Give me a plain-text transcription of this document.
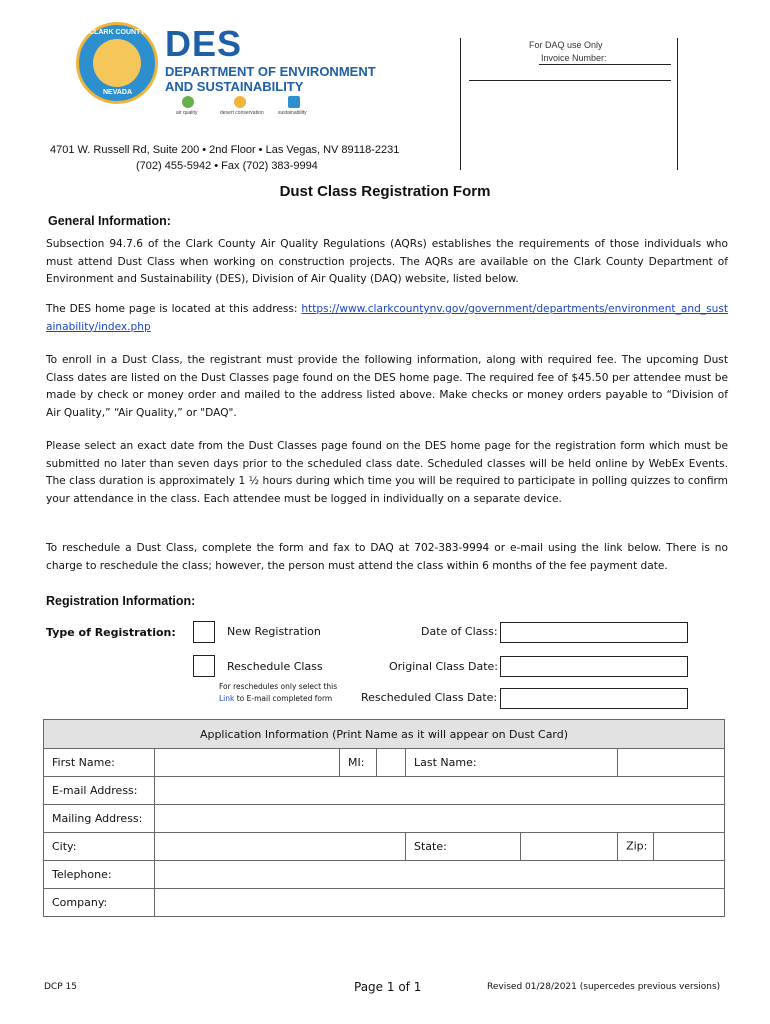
CLARK COUNTY
NEVADA
DES
DEPARTMENT OF ENVIRONMENT
AND SUSTAINABILITY
air quality	desert conservation	sustainability
4701 W. Russell Rd, Suite 200 • 2nd Floor • Las Vegas, NV 89118-2231
(702) 455-5942 • Fax (702) 383-9994
For DAQ use Only
Invoice Number:
Dust Class Registration Form
General Information:
Subsection 94.7.6 of the Clark County Air Quality Regulations (AQRs) establishes the requirements of those individuals who must attend Dust Class when working on construction projects. The AQRs are available on the Clark County Department of Environment and Sustainability (DES), Division of Air Quality (DAQ) website, listed below.
The DES home page is located at this address: https://www.clarkcountynv.gov/government/departments/environment_and_sustainability/index.php
To enroll in a Dust Class, the registrant must provide the following information, along with required fee. The upcoming Dust Class dates are listed on the Dust Classes page found on the DES home page. The required fee of $45.50 per attendee must be made by check or money order and mailed to the address listed above. Make checks or money orders payable to “Division of Air Quality,” “Air Quality,” or "DAQ".
Please select an exact date from the Dust Classes page found on the DES home page for the registration form which must be submitted no later than seven days prior to the scheduled class date. Scheduled classes will be held online by WebEx Events. The class duration is approximately 1 ½ hours during which time you will be required to participate in polling quizzes to confirm your attendance in the class. Each attendee must be logged in individually on a separate device.
To reschedule a Dust Class, complete the form and fax to DAQ at 702-383-9994 or e-mail using the link below. There is no charge to reschedule the class; however, the person must attend the class within 6 months of the fee payment date.
Registration Information:
Type of Registration:	New Registration	Date of Class:
Reschedule Class	Original Class Date:
For reschedules only select this
Link to E-mail completed form	Rescheduled Class Date:
Application Information (Print Name as it will appear on Dust Card)						
First Name:		MI:		Last Name:		
E-mail Address:						
Mailing Address:						
City:				State:		Zip:
Telephone:						
Company:						
DCP 15	Page 1 of 1	Revised 01/28/2021 (supercedes previous versions)
